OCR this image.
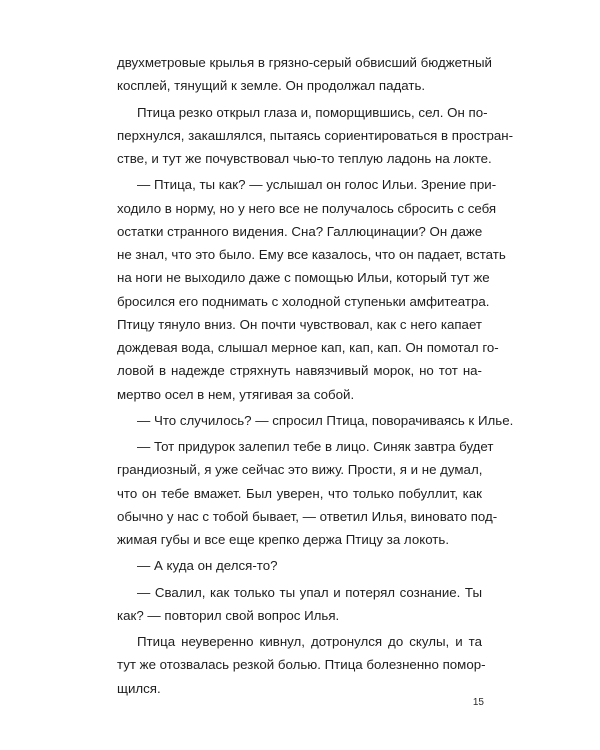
двухметровые крылья в грязно-серый обвисший бюджетный
косплей, тянущий к земле. Он продолжал падать.
Птица резко открыл глаза и, поморщившись, сел. Он по-
перхнулся, закашлялся, пытаясь сориентироваться в простран-
стве, и тут же почувствовал чью-то теплую ладонь на локте.
— Птица, ты как? — услышал он голос Ильи. Зрение при-
ходило в норму, но у него все не получалось сбросить с себя
остатки странного видения. Сна? Галлюцинации? Он даже
не знал, что это было. Ему все казалось, что он падает, встать
на ноги не выходило даже с помощью Ильи, который тут же
бросился его поднимать с холодной ступеньки амфитеатра.
Птицу тянуло вниз. Он почти чувствовал, как с него капает
дождевая вода, слышал мерное кап, кап, кап. Он помотал го-
ловой в надежде стряхнуть навязчивый морок, но тот на-
мертво осел в нем, утягивая за собой.
— Что случилось? — спросил Птица, поворачиваясь к Илье.
— Тот придурок залепил тебе в лицо. Синяк завтра будет
грандиозный, я уже сейчас это вижу. Прости, я и не думал,
что он тебе вмажет. Был уверен, что только побуллит, как
обычно у нас с тобой бывает, — ответил Илья, виновато под-
жимая губы и все еще крепко держа Птицу за локоть.
— А куда он делся-то?
— Свалил, как только ты упал и потерял сознание. Ты
как? — повторил свой вопрос Илья.
Птица неуверенно кивнул, дотронулся до скулы, и та
тут же отозвалась резкой болью. Птица болезненно помор-
щился.
15
